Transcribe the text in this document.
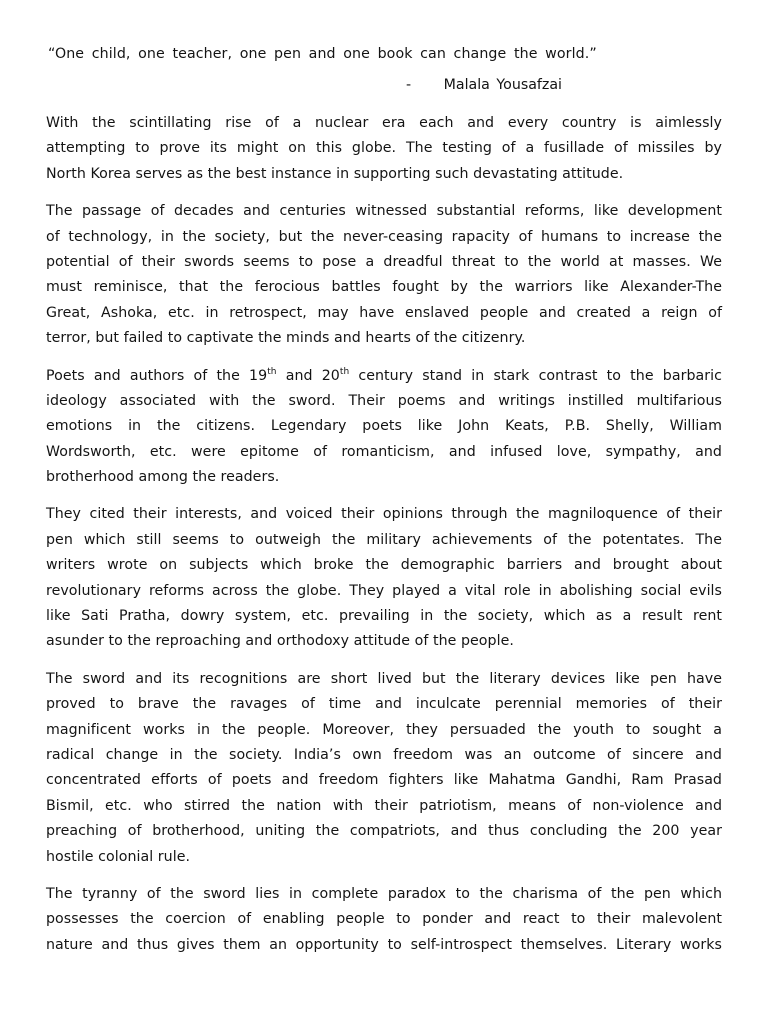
“One child, one teacher, one pen and one book can change the world.”

-     Malala Yousafzai

With the scintillating rise of a nuclear era each and every country is aimlessly
attempting to prove its might on this globe. The testing of a fusillade of missiles by
North Korea serves as the best instance in supporting such devastating attitude.

The passage of decades and centuries witnessed substantial reforms, like development
of technology, in the society, but the never-ceasing rapacity of humans to increase the
potential of their swords seems to pose a dreadful threat to the world at masses. We
must reminisce, that the ferocious battles fought by the warriors like Alexander-The
Great, Ashoka, etc. in retrospect, may have enslaved people and created a reign of
terror, but failed to captivate the minds and hearts of the citizenry.

Poets and authors of the 19th and 20th century stand in stark contrast to the barbaric
ideology associated with the sword. Their poems and writings instilled multifarious
emotions in the citizens. Legendary poets like John Keats, P.B. Shelly, William
Wordsworth, etc. were epitome of romanticism, and infused love, sympathy, and
brotherhood among the readers.

They cited their interests, and voiced their opinions through the magniloquence of their
pen which still seems to outweigh the military achievements of the potentates. The
writers wrote on subjects which broke the demographic barriers and brought about
revolutionary reforms across the globe. They played a vital role in abolishing social evils
like Sati Pratha, dowry system, etc. prevailing in the society, which as a result rent
asunder to the reproaching and orthodoxy attitude of the people.

The sword and its recognitions are short lived but the literary devices like pen have
proved to brave the ravages of time and inculcate perennial memories of their
magnificent works in the people. Moreover, they persuaded the youth to sought a
radical change in the society. India’s own freedom was an outcome of sincere and
concentrated efforts of poets and freedom fighters like Mahatma Gandhi, Ram Prasad
Bismil, etc. who stirred the nation with their patriotism, means of non-violence and
preaching of brotherhood, uniting the compatriots, and thus concluding the 200 year
hostile colonial rule.

The tyranny of the sword lies in complete paradox to the charisma of the pen which
possesses the coercion of enabling people to ponder and react to their malevolent
nature and thus gives them an opportunity to self-introspect themselves. Literary works
